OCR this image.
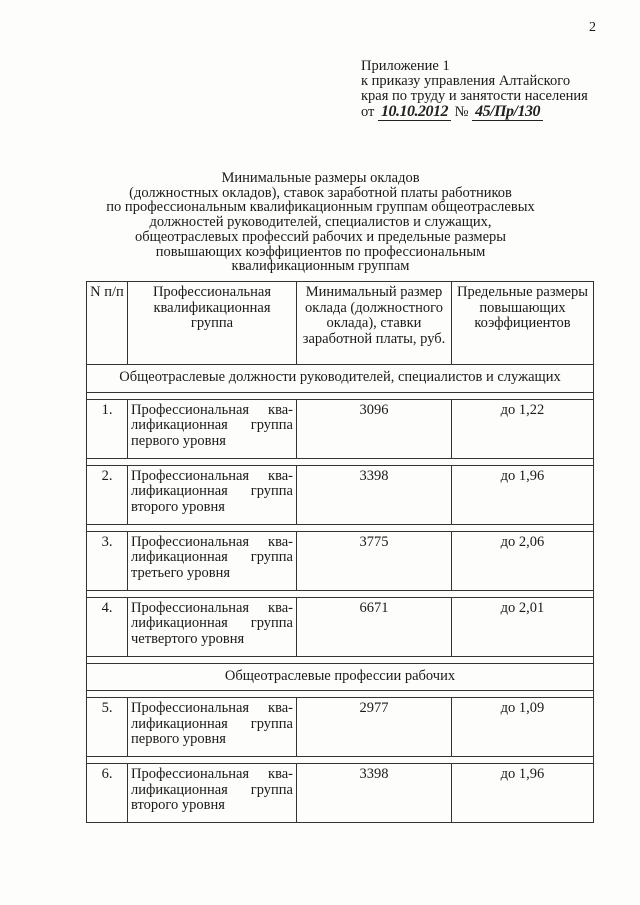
2
Приложение 1
к приказу управления Алтайского
края по труду и занятости населения
от 10.10.2012 № 45/Пр/130
Минимальные размеры окладов
(должностных окладов), ставок заработной платы работников
по профессиональным квалификационным группам общеотраслевых
должностей руководителей, специалистов и служащих,
общеотраслевых профессий рабочих и предельные размеры
повышающих коэффициентов по профессиональным
квалификационным группам
N п/п	Профессиональная квалификационная группа	Минимальный размер оклада (должностного оклада), ставки заработной платы, руб.	Предельные размеры повышающих коэффициентов
Общеотраслевые должности руководителей, специалистов и служащих			

1.	Профессиональная ква-
лификационная группа
первого уровня	3096	до 1,22

2.	Профессиональная ква-
лификационная группа
второго уровня	3398	до 1,96

3.	Профессиональная ква-
лификационная группа
третьего уровня	3775	до 2,06

4.	Профессиональная ква-
лификационная группа
четвертого уровня	6671	до 2,01

Общеотраслевые профессии рабочих			

5.	Профессиональная ква-
лификационная группа
первого уровня	2977	до 1,09

6.	Профессиональная ква-
лификационная группа
второго уровня	3398	до 1,96
